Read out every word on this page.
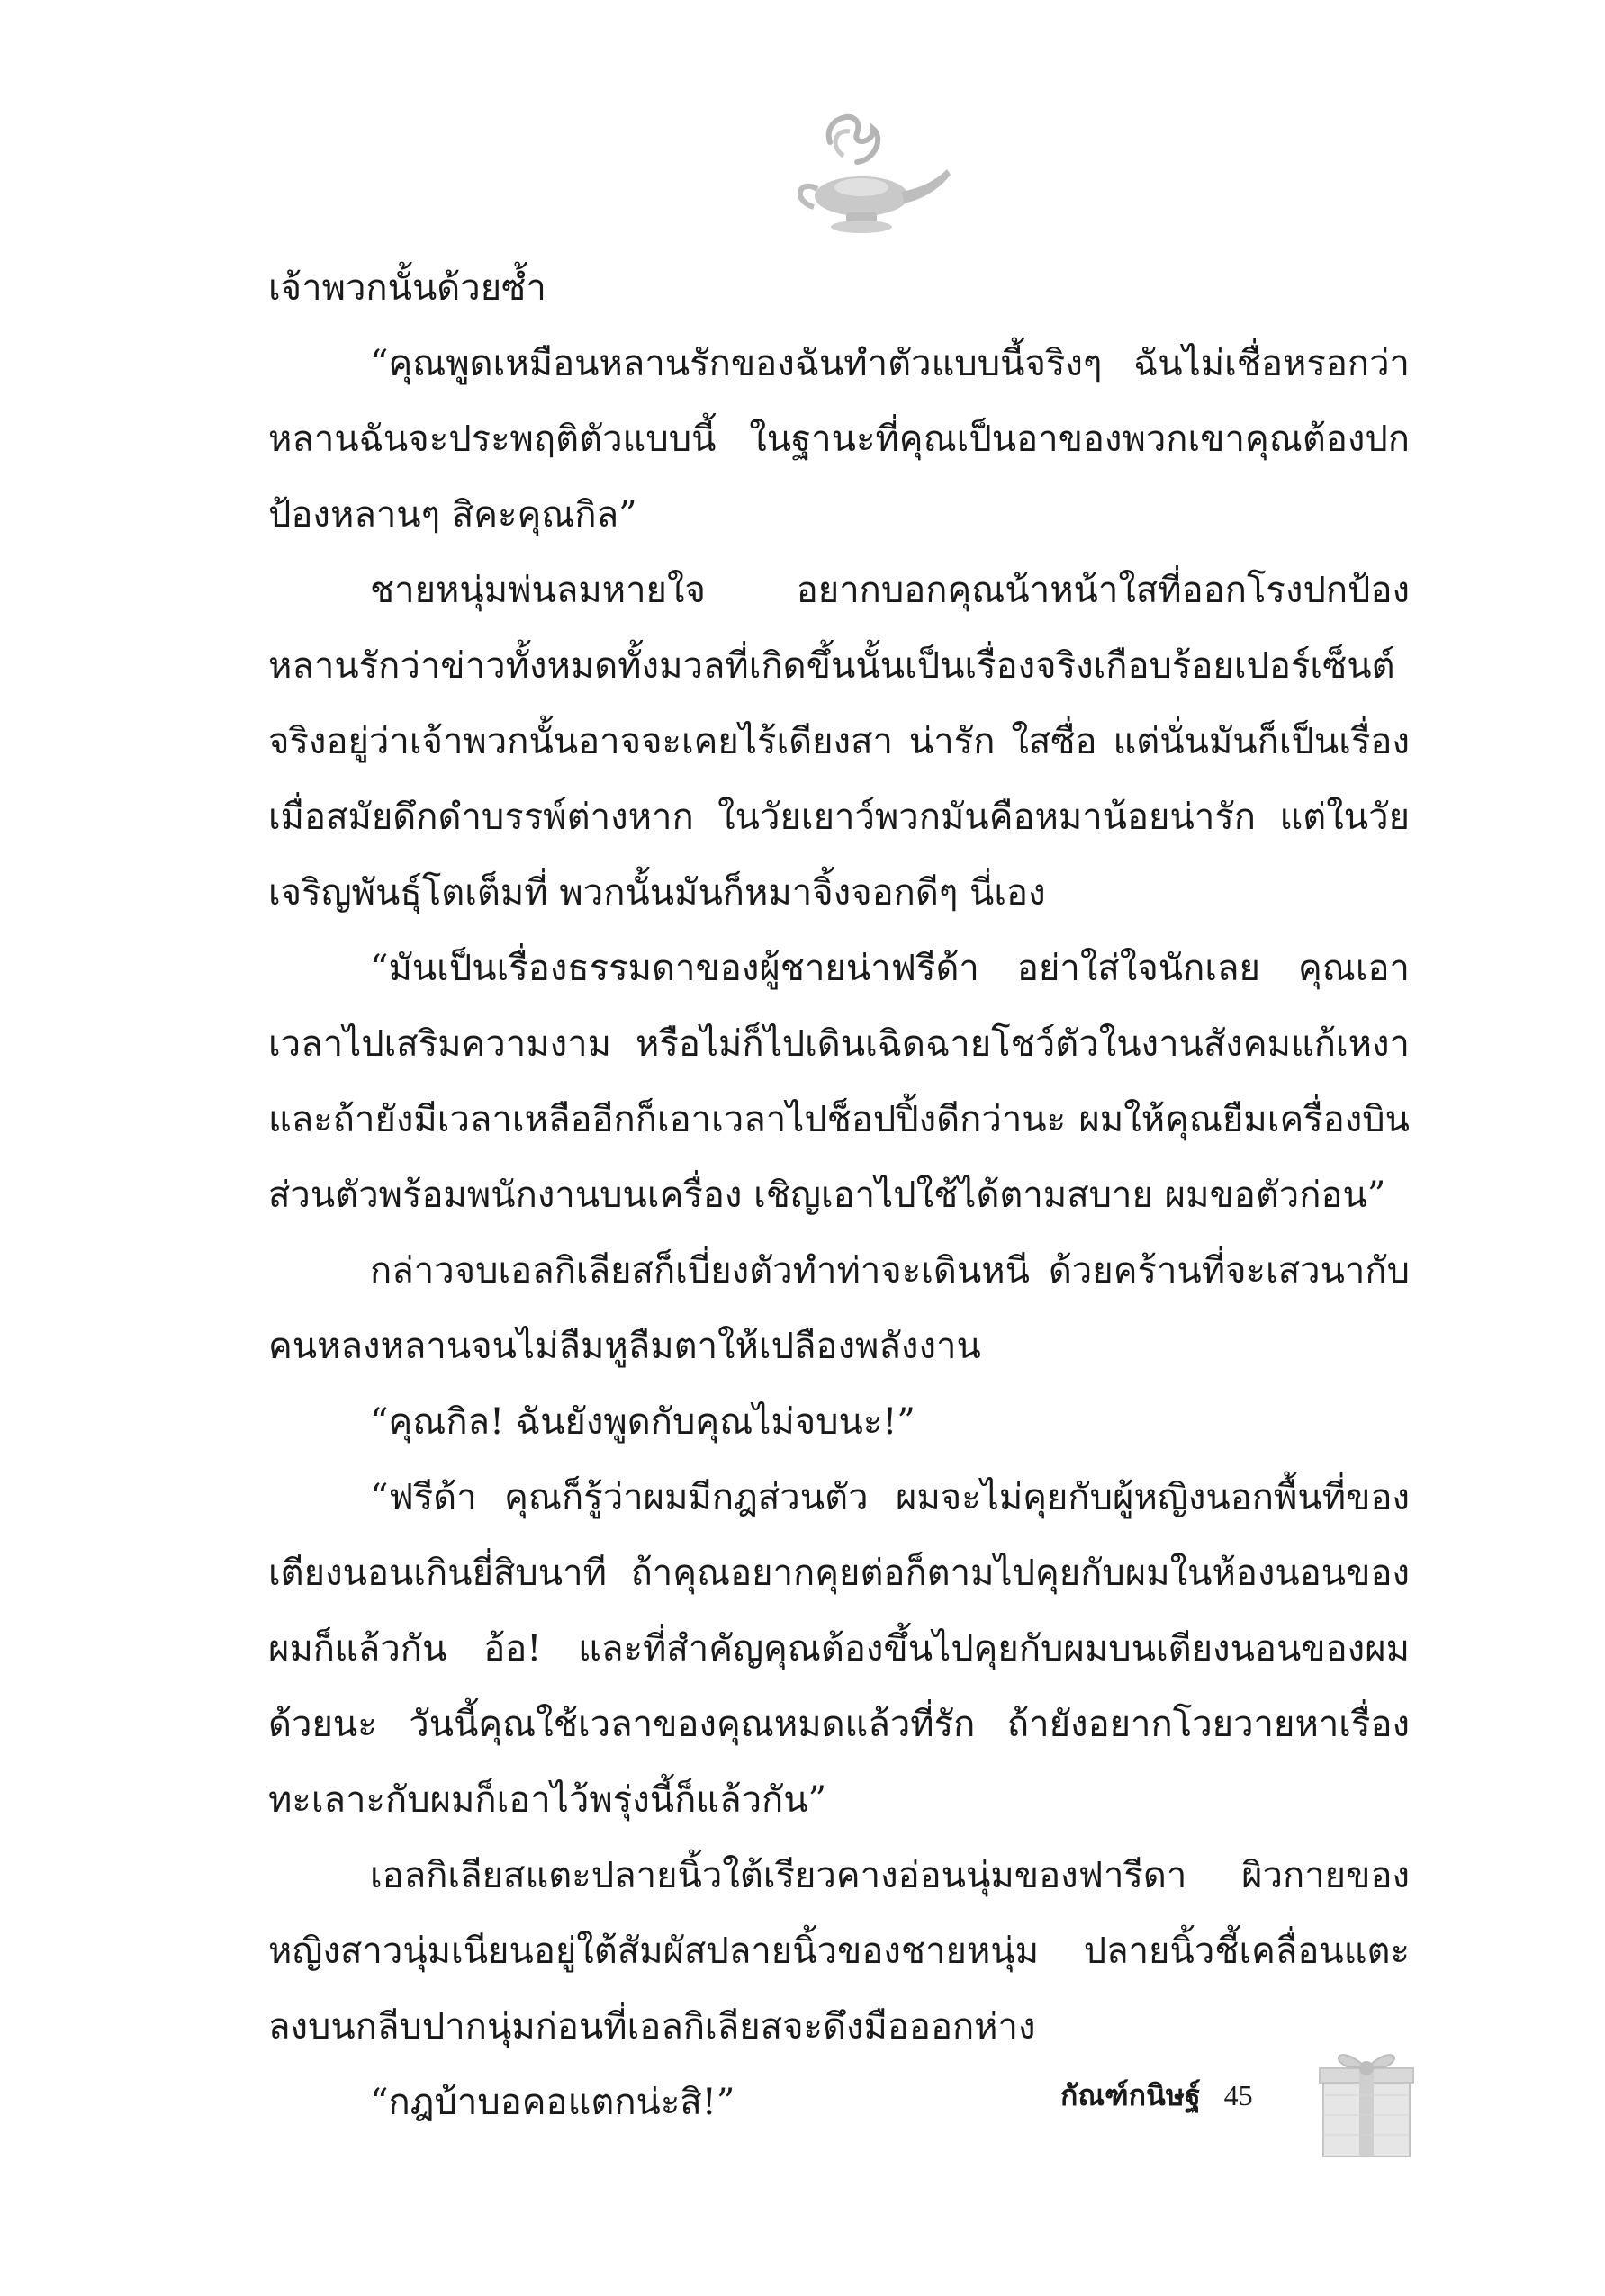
เจ้าพวกนั้นด้วยซ้ำ

“คุณพูดเหมือนหลานรักของฉันทำตัวแบบนี้จริงๆ ฉันไม่เชื่อหรอกว่าหลานฉันจะประพฤติตัวแบบนี้ ในฐานะที่คุณเป็นอาของพวกเขาคุณต้องปกป้องหลานๆ สิคะคุณกิล”

ชายหนุ่มพ่นลมหายใจ อยากบอกคุณน้าหน้าใสที่ออกโรงปกป้องหลานรักว่าข่าวทั้งหมดทั้งมวลที่เกิดขึ้นนั้นเป็นเรื่องจริงเกือบร้อยเปอร์เซ็นต์ จริงอยู่ว่าเจ้าพวกนั้นอาจจะเคยไร้เดียงสา น่ารัก ใสซื่อ แต่นั่นมันก็เป็นเรื่องเมื่อสมัยดึกดำบรรพ์ต่างหาก ในวัยเยาว์พวกมันคือหมาน้อยน่ารัก แต่ในวัยเจริญพันธุ์โตเต็มที่ พวกนั้นมันก็หมาจิ้งจอกดีๆ นี่เอง

“มันเป็นเรื่องธรรมดาของผู้ชายน่าฟรีด้า อย่าใส่ใจนักเลย คุณเอาเวลาไปเสริมความงาม หรือไม่ก็ไปเดินเฉิดฉายโชว์ตัวในงานสังคมแก้เหงา และถ้ายังมีเวลาเหลืออีกก็เอาเวลาไปช็อปปิ้งดีกว่านะ ผมให้คุณยืมเครื่องบินส่วนตัวพร้อมพนักงานบนเครื่อง เชิญเอาไปใช้ได้ตามสบาย ผมขอตัวก่อน”

กล่าวจบเอลกิเลียสก็เบี่ยงตัวทำท่าจะเดินหนี ด้วยคร้านที่จะเสวนากับคนหลงหลานจนไม่ลืมหูลืมตาให้เปลืองพลังงาน

“คุณกิล! ฉันยังพูดกับคุณไม่จบนะ!”

“ฟรีด้า คุณก็รู้ว่าผมมีกฎส่วนตัว ผมจะไม่คุยกับผู้หญิงนอกพื้นที่ของเตียงนอนเกินยี่สิบนาที ถ้าคุณอยากคุยต่อก็ตามไปคุยกับผมในห้องนอนของผมก็แล้วกัน อ้อ! และที่สำคัญคุณต้องขึ้นไปคุยกับผมบนเตียงนอนของผมด้วยนะ วันนี้คุณใช้เวลาของคุณหมดแล้วที่รัก ถ้ายังอยากโวยวายหาเรื่องทะเลาะกับผมก็เอาไว้พรุ่งนี้ก็แล้วกัน”

เอลกิเลียสแตะปลายนิ้วใต้เรียวคางอ่อนนุ่มของฟารีดา ผิวกายของหญิงสาวนุ่มเนียนอยู่ใต้สัมผัสปลายนิ้วของชายหนุ่ม ปลายนิ้วชี้เคลื่อนแตะลงบนกลีบปากนุ่มก่อนที่เอลกิเลียสจะดึงมือออกห่าง

“กฎบ้าบอคอแตกน่ะสิ!”	กัณฑ์กนิษฐ์ 45
